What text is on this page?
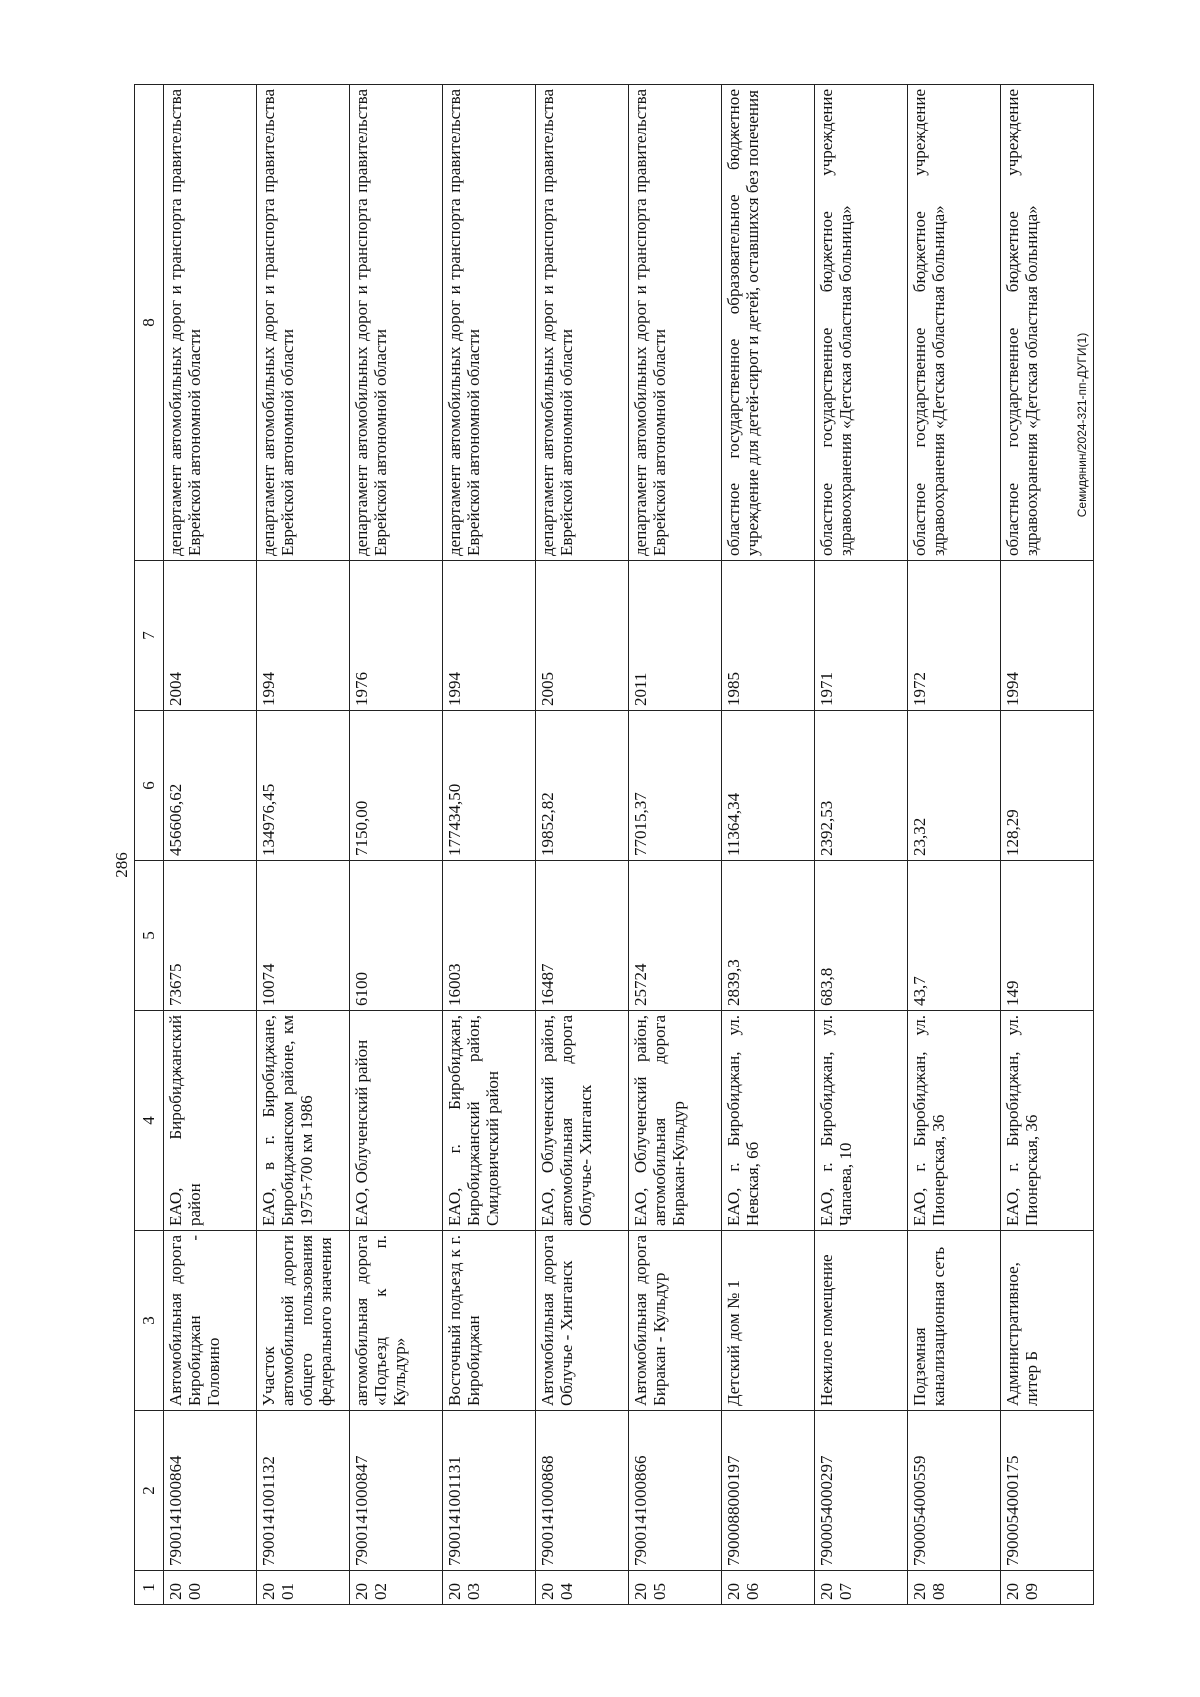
286
1	2	3	4	5	6	7	8
2000	7900141000864	Автомобильная дорога Биробиджан - Головино	ЕАО, Биробиджанский район	73675	456606,62	2004	департамент автомобильных дорог и транспорта правительства Еврейской автономной области
2001	7900141001132	Участок автомобильной дороги общего пользования федерального значения	ЕАО, в г. Биробиджане, Биробиджанском районе, км 1975+700 км 1986	10074	134976,45	1994	департамент автомобильных дорог и транспорта правительства Еврейской автономной области
2002	7900141000847	автомобильная дорога «Подъезд к п. Кульдур»	ЕАО, Облученский район	6100	7150,00	1976	департамент автомобильных дорог и транспорта правительства Еврейской автономной области
2003	7900141001131	Восточный подъезд к г. Биробиджан	ЕАО, г. Биробиджан, Биробиджанский район, Смидовичский район	16003	177434,50	1994	департамент автомобильных дорог и транспорта правительства Еврейской автономной области
2004	7900141000868	Автомобильная дорога Облучье - Хинганск	ЕАО, Облученский район, автомобильная дорога Облучье- Хинганск	16487	19852,82	2005	департамент автомобильных дорог и транспорта правительства Еврейской автономной области
2005	7900141000866	Автомобильная дорога Биракан - Кульдур	ЕАО, Облученский район, автомобильная дорога Биракан-Кульдур	25724	77015,37	2011	департамент автомобильных дорог и транспорта правительства Еврейской автономной области
2006	7900088000197	Детский дом № 1	ЕАО, г. Биробиджан, ул. Невская, 6б	2839,3	11364,34	1985	областное государственное образовательное бюджетное учреждение для детей-сирот и детей, оставшихся без попечения
2007	7900054000297	Нежилое помещение	ЕАО, г. Биробиджан, ул. Чапаева, 10	683,8	2392,53	1971	областное государственное бюджетное учреждение здравоохранения «Детская областная больница»
2008	7900054000559	Подземная канализационная сеть	ЕАО, г. Биробиджан, ул. Пионерская, 36	43,7	23,32	1972	областное государственное бюджетное учреждение здравоохранения «Детская областная больница»
2009	7900054000175	Административное, литер Б	ЕАО, г. Биробиджан, ул. Пионерская, 36	149	128,29	1994	областное государственное бюджетное учреждение здравоохранения «Детская областная больница»	Семидянин/2024-321-пп-ДУГИ(1)
